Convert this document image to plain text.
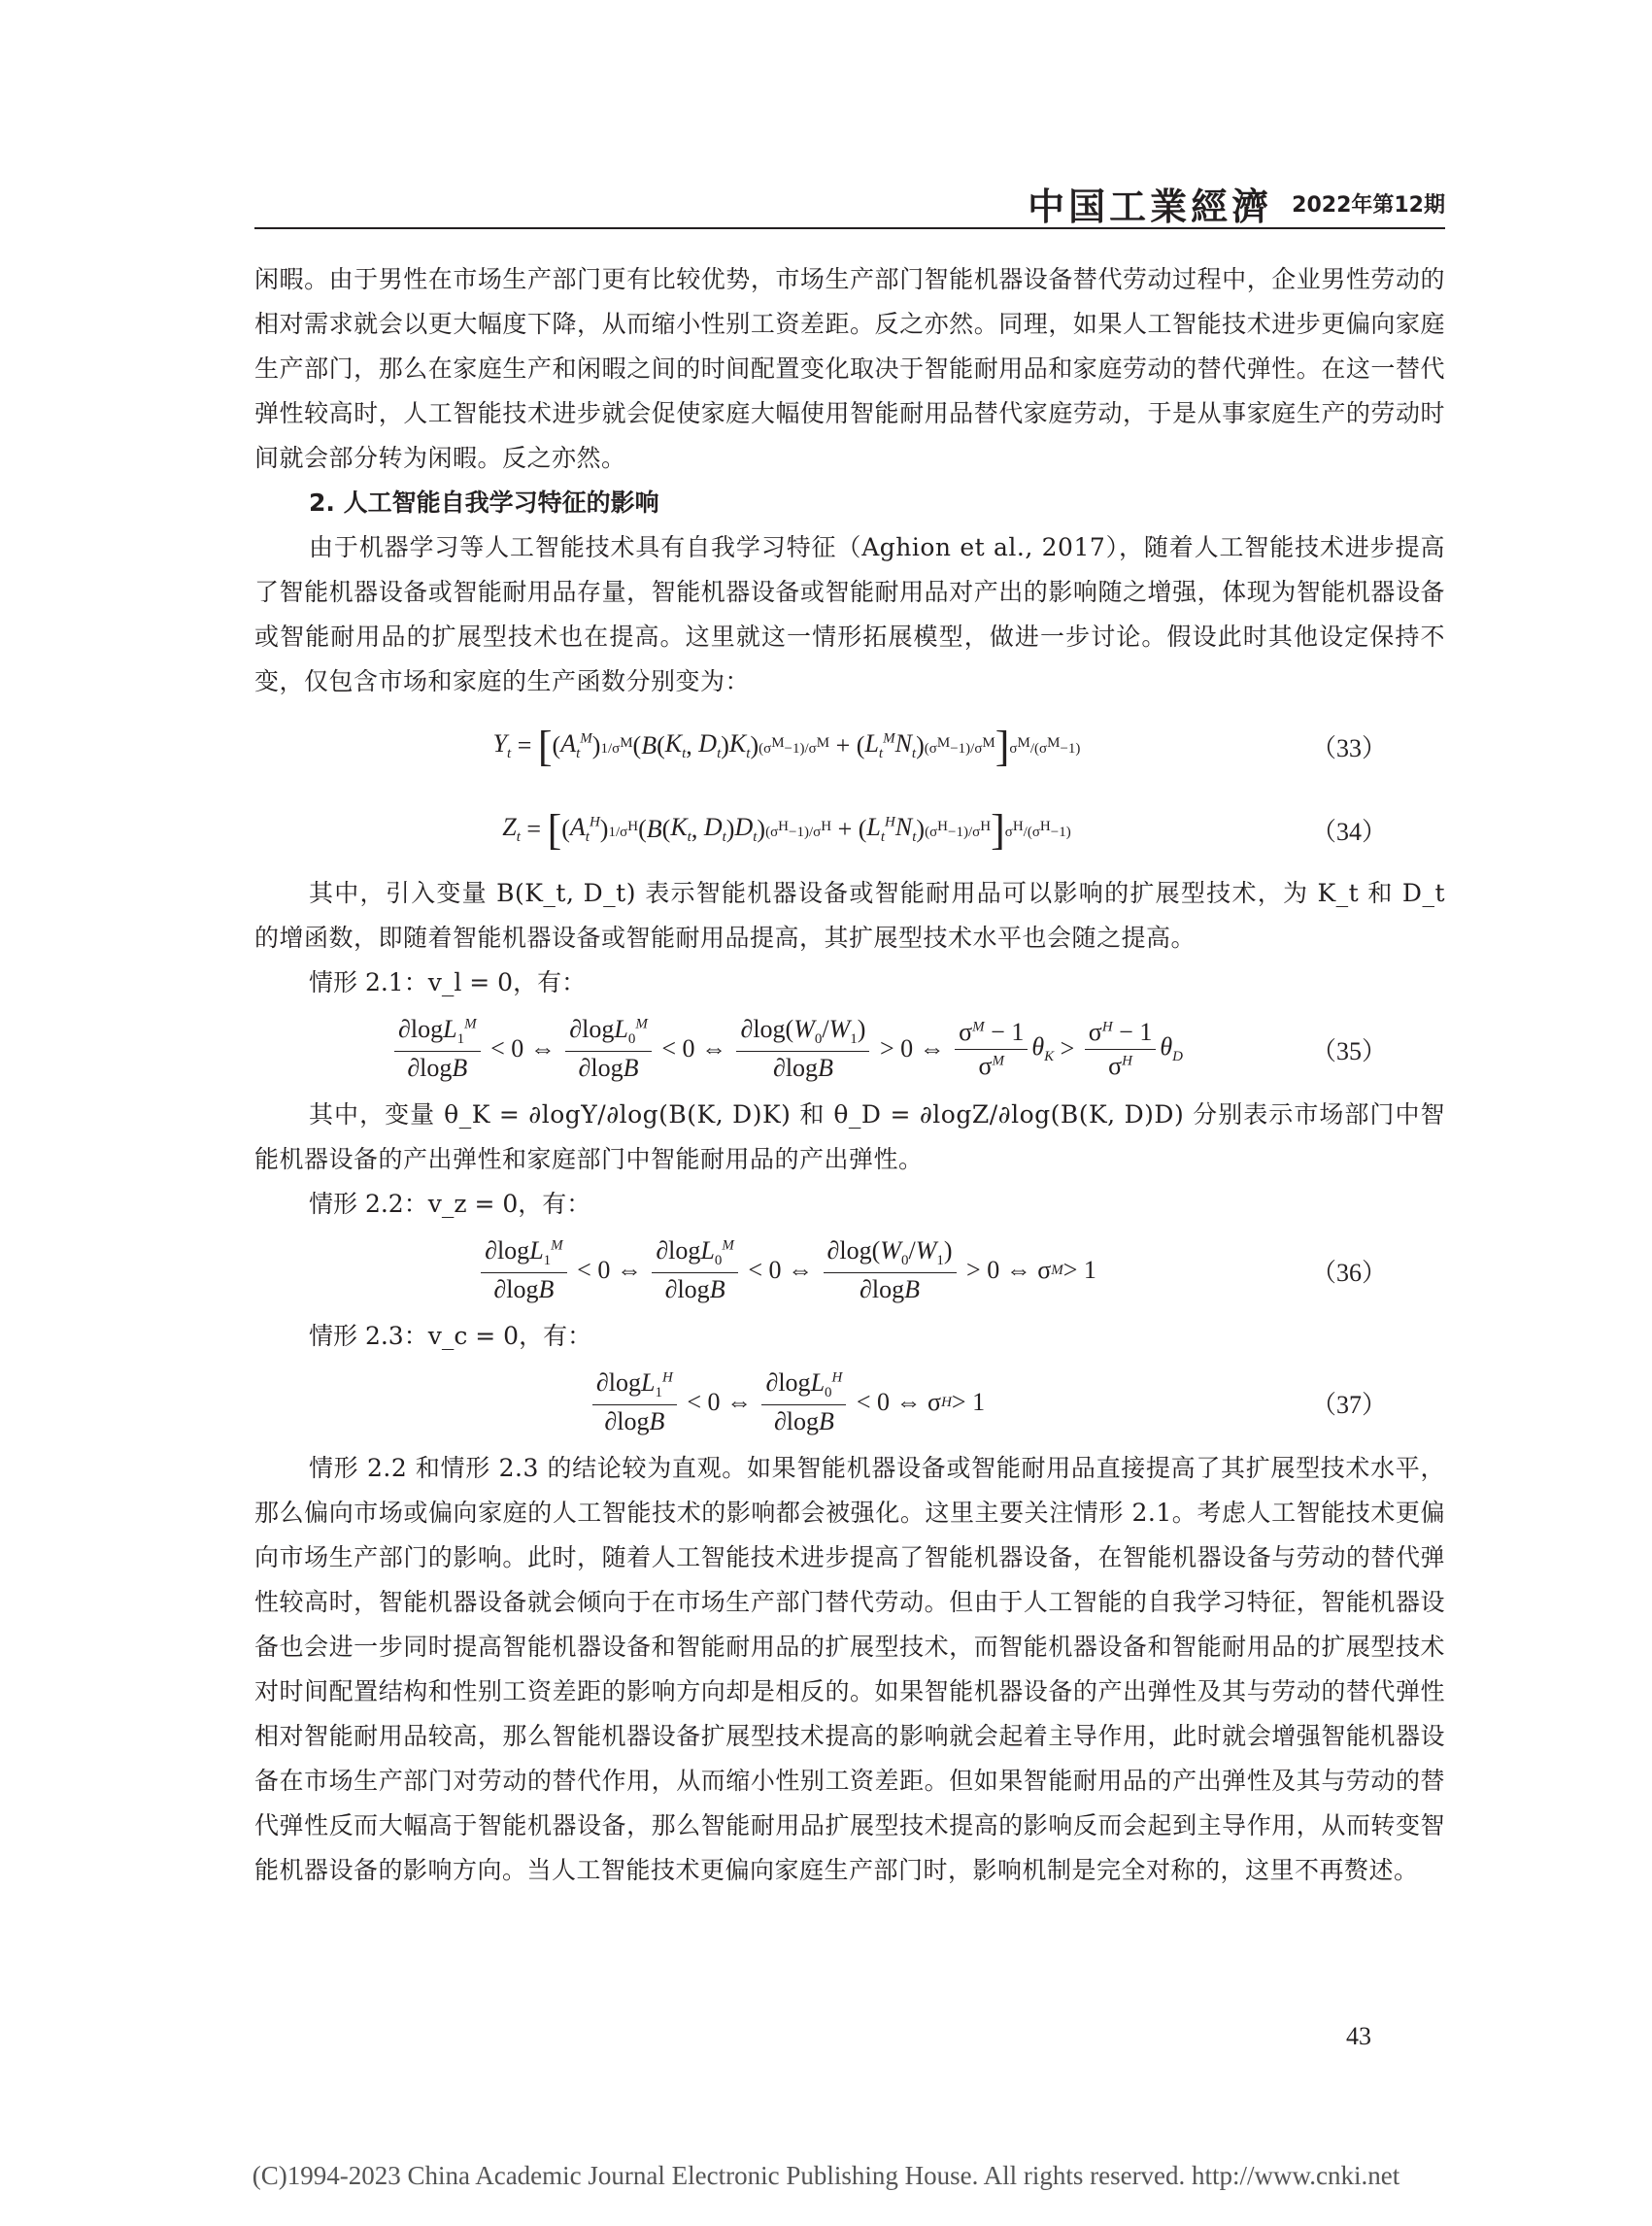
中国工業經濟 2022年第12期

闲暇。由于男性在市场生产部门更有比较优势，市场生产部门智能机器设备替代劳动过程中，企业男性劳动的相对需求就会以更大幅度下降，从而缩小性别工资差距。反之亦然。同理，如果人工智能技术进步更偏向家庭生产部门，那么在家庭生产和闲暇之间的时间配置变化取决于智能耐用品和家庭劳动的替代弹性。在这一替代弹性较高时，人工智能技术进步就会促使家庭大幅使用智能耐用品替代家庭劳动，于是从事家庭生产的劳动时间就会部分转为闲暇。反之亦然。

2. 人工智能自我学习特征的影响

由于机器学习等人工智能技术具有自我学习特征（Aghion et al., 2017），随着人工智能技术进步提高了智能机器设备或智能耐用品存量，智能机器设备或智能耐用品对产出的影响随之增强，体现为智能机器设备或智能耐用品的扩展型技术也在提高。这里就这一情形拓展模型，做进一步讨论。假设此时其他设定保持不变，仅包含市场和家庭的生产函数分别变为：

$Y_t$ = [ ( $A_t^M$ ) $1/\sigma^M$ ( B ( $K_t$ , $D_t$ ) $K_t$ ) $(\sigma^M-1)/\sigma^M$ + ( $L_t^MN_t$ ) $(\sigma^M-1)/\sigma^M$ ] $\sigma^M/(\sigma^M-1)$	（33）
$Z_t$ = [ ( $A_t^H$ ) $1/\sigma^H$ ( B ( $K_t$ , $D_t$ ) $D_t$ ) $(\sigma^H-1)/\sigma^H$ + ( $L_t^HN_t$ ) $(\sigma^H-1)/\sigma^H$ ] $\sigma^H/(\sigma^H-1)$	（34）

其中，引入变量 B(K_t, D_t) 表示智能机器设备或智能耐用品可以影响的扩展型技术，为 K_t 和 D_t 的增函数，即随着智能机器设备或智能耐用品提高，其扩展型技术水平也会随之提高。

情形 2.1：v_l = 0，有：

$\frac{\partial\log L_1^M}{\partial\log B} < 0$ ⇔ $\frac{\partial\log L_0^M}{\partial\log B} < 0$ ⇔ $\frac{\partial\log(W_0/W_1)}{\partial\log B} > 0$ ⇔ $\frac{\sigma^M - 1}{\sigma^M} \theta_K > \frac{\sigma^H - 1}{\sigma^H} \theta_D$	（35）

其中，变量 θ_K = ∂logY/∂log(B(K, D)K) 和 θ_D = ∂logZ/∂log(B(K, D)D) 分别表示市场部门中智能机器设备的产出弹性和家庭部门中智能耐用品的产出弹性。

情形 2.2：v_z = 0，有：

$\frac{\partial\log L_1^M}{\partial\log B} < 0$ ⇔ $\frac{\partial\log L_0^M}{\partial\log B} < 0$ ⇔ $\frac{\partial\log(W_0/W_1)}{\partial\log B} > 0$ ⇔ σ M > 1	（36）

情形 2.3：v_c = 0，有：

$\frac{\partial\log L_1^H}{\partial\log B} < 0$ ⇔ $\frac{\partial\log L_0^H}{\partial\log B} < 0$ ⇔ σ H > 1	（37）

情形 2.2 和情形 2.3 的结论较为直观。如果智能机器设备或智能耐用品直接提高了其扩展型技术水平，那么偏向市场或偏向家庭的人工智能技术的影响都会被强化。这里主要关注情形 2.1。考虑人工智能技术更偏向市场生产部门的影响。此时，随着人工智能技术进步提高了智能机器设备，在智能机器设备与劳动的替代弹性较高时，智能机器设备就会倾向于在市场生产部门替代劳动。但由于人工智能的自我学习特征，智能机器设备也会进一步同时提高智能机器设备和智能耐用品的扩展型技术，而智能机器设备和智能耐用品的扩展型技术对时间配置结构和性别工资差距的影响方向却是相反的。如果智能机器设备的产出弹性及其与劳动的替代弹性相对智能耐用品较高，那么智能机器设备扩展型技术提高的影响就会起着主导作用，此时就会增强智能机器设备在市场生产部门对劳动的替代作用，从而缩小性别工资差距。但如果智能耐用品的产出弹性及其与劳动的替代弹性反而大幅高于智能机器设备，那么智能耐用品扩展型技术提高的影响反而会起到主导作用，从而转变智能机器设备的影响方向。当人工智能技术更偏向家庭生产部门时，影响机制是完全对称的，这里不再赘述。

43
(C)1994-2023 China Academic Journal Electronic Publishing House. All rights reserved. http://www.cnki.net
